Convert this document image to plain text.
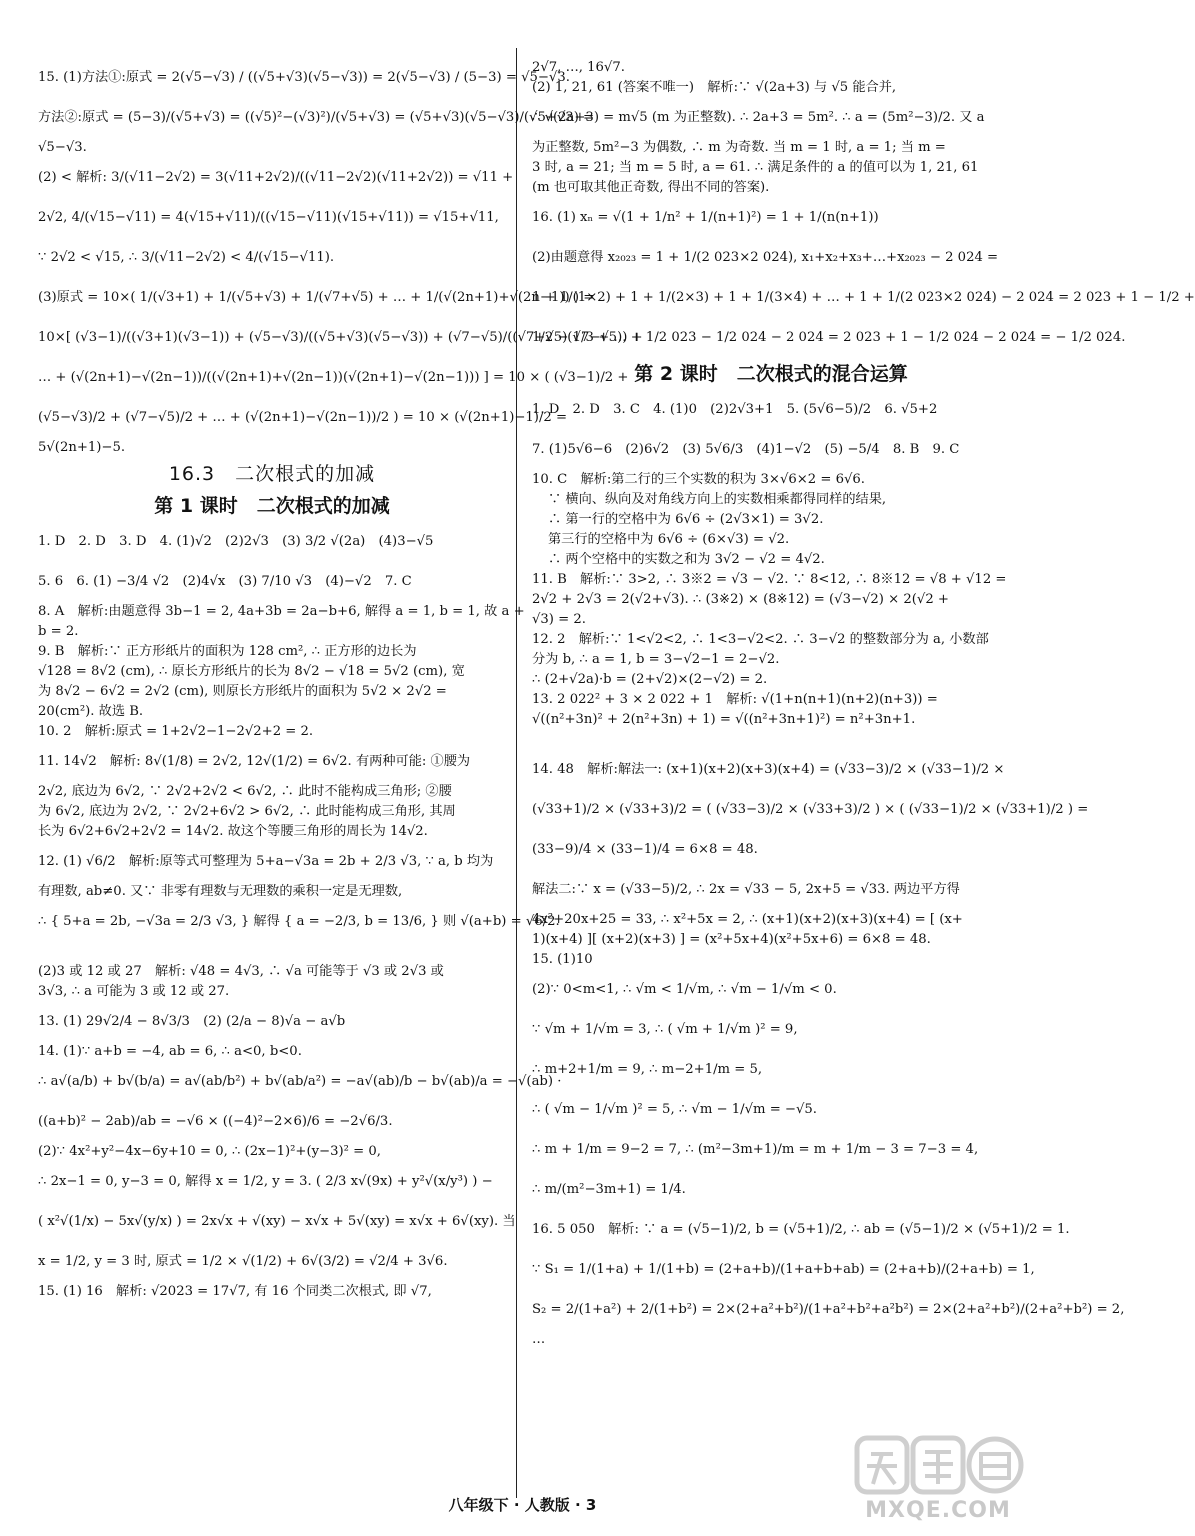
15. (1)方法①:原式 = 2(√5−√3) / ((√5+√3)(√5−√3)) = 2(√5−√3) / (5−3) = √5−√3.
方法②:原式 = (5−3)/(√5+√3) = ((√5)²−(√3)²)/(√5+√3) = (√5+√3)(√5−√3)/(√5+√3) =
√5−√3.
(2) < 解析: 3/(√11−2√2) = 3(√11+2√2)/((√11−2√2)(√11+2√2)) = √11 +
2√2, 4/(√15−√11) = 4(√15+√11)/((√15−√11)(√15+√11)) = √15+√11,
∵ 2√2 < √15, ∴ 3/(√11−2√2) < 4/(√15−√11).
(3)原式 = 10×( 1/(√3+1) + 1/(√5+√3) + 1/(√7+√5) + … + 1/(√(2n+1)+√(2n−1)) ) =
10×[ (√3−1)/((√3+1)(√3−1)) + (√5−√3)/((√5+√3)(√5−√3)) + (√7−√5)/((√7+√5)(√7−√5)) +
… + (√(2n+1)−√(2n−1))/((√(2n+1)+√(2n−1))(√(2n+1)−√(2n−1))) ] = 10 × ( (√3−1)/2 +
(√5−√3)/2 + (√7−√5)/2 + … + (√(2n+1)−√(2n−1))/2 ) = 10 × (√(2n+1)−1)/2 =
5√(2n+1)−5.
16.3　二次根式的加减
第 1 课时　二次根式的加减
1. D　2. D　3. D　4. (1)√2　(2)2√3　(3) 3/2 √(2a)　(4)3−√5
5. 6　6. (1) −3/4 √2　(2)4√x　(3) 7/10 √3　(4)−√2　7. C
8. A　解析:由题意得 3b−1 = 2, 4a+3b = 2a−b+6, 解得 a = 1, b = 1, 故 a +
b = 2.
9. B　解析:∵ 正方形纸片的面积为 128 cm², ∴ 正方形的边长为
√128 = 8√2 (cm), ∴ 原长方形纸片的长为 8√2 − √18 = 5√2 (cm), 宽
为 8√2 − 6√2 = 2√2 (cm), 则原长方形纸片的面积为 5√2 × 2√2 =
20(cm²). 故选 B.
10. 2　解析:原式 = 1+2√2−1−2√2+2 = 2.
11. 14√2　解析: 8√(1/8) = 2√2, 12√(1/2) = 6√2. 有两种可能: ①腰为
2√2, 底边为 6√2, ∵ 2√2+2√2 < 6√2, ∴ 此时不能构成三角形; ②腰
为 6√2, 底边为 2√2, ∵ 2√2+6√2 > 6√2, ∴ 此时能构成三角形, 其周
长为 6√2+6√2+2√2 = 14√2. 故这个等腰三角形的周长为 14√2.
12. (1) √6/2　解析:原等式可整理为 5+a−√3a = 2b + 2/3 √3, ∵ a, b 均为
有理数, ab≠0. 又∵ 非零有理数与无理数的乘积一定是无理数,
∴ { 5+a = 2b, −√3a = 2/3 √3, } 解得 { a = −2/3, b = 13/6, } 则 √(a+b) = √6/2.
(2)3 或 12 或 27　解析: √48 = 4√3, ∴ √a 可能等于 √3 或 2√3 或
3√3, ∴ a 可能为 3 或 12 或 27.
13. (1) 29√2/4 − 8√3/3　(2) (2/a − 8)√a − a√b
14. (1)∵ a+b = −4, ab = 6, ∴ a<0, b<0.
∴ a√(a/b) + b√(b/a) = a√(ab/b²) + b√(ab/a²) = −a√(ab)/b − b√(ab)/a = −√(ab) ·
((a+b)² − 2ab)/ab = −√6 × ((−4)²−2×6)/6 = −2√6/3.
(2)∵ 4x²+y²−4x−6y+10 = 0, ∴ (2x−1)²+(y−3)² = 0,
∴ 2x−1 = 0, y−3 = 0, 解得 x = 1/2, y = 3. ( 2/3 x√(9x) + y²√(x/y³) ) −
( x²√(1/x) − 5x√(y/x) ) = 2x√x + √(xy) − x√x + 5√(xy) = x√x + 6√(xy). 当
x = 1/2, y = 3 时, 原式 = 1/2 × √(1/2) + 6√(3/2) = √2/4 + 3√6.
15. (1) 16　解析: √2023 = 17√7, 有 16 个同类二次根式, 即 √7,
2√7, …, 16√7.
(2) 1, 21, 61 (答案不唯一)　解析:∵ √(2a+3) 与 √5 能合并,
∴ √(2a+3) = m√5 (m 为正整数). ∴ 2a+3 = 5m². ∴ a = (5m²−3)/2. 又 a
为正整数, 5m²−3 为偶数, ∴ m 为奇数. 当 m = 1 时, a = 1; 当 m =
3 时, a = 21; 当 m = 5 时, a = 61. ∴ 满足条件的 a 的值可以为 1, 21, 61
(m 也可取其他正奇数, 得出不同的答案).
16. (1) xₙ = √(1 + 1/n² + 1/(n+1)²) = 1 + 1/(n(n+1))
(2)由题意得 x₂₀₂₃ = 1 + 1/(2 023×2 024), x₁+x₂+x₃+…+x₂₀₂₃ − 2 024 =
1 + 1/(1×2) + 1 + 1/(2×3) + 1 + 1/(3×4) + … + 1 + 1/(2 023×2 024) − 2 024 = 2 023 + 1 − 1/2 +
1/2 − 1/3 + … + 1/2 023 − 1/2 024 − 2 024 = 2 023 + 1 − 1/2 024 − 2 024 = − 1/2 024.
第 2 课时　二次根式的混合运算
1. D　2. D　3. C　4. (1)0　(2)2√3+1　5. (5√6−5)/2　6. √5+2
7. (1)5√6−6　(2)6√2　(3) 5√6/3　(4)1−√2　(5) −5/4　8. B　9. C
10. C　解析:第二行的三个实数的积为 3×√6×2 = 6√6.
∵ 横向、纵向及对角线方向上的实数相乘都得同样的结果,
∴ 第一行的空格中为 6√6 ÷ (2√3×1) = 3√2.
第三行的空格中为 6√6 ÷ (6×√3) = √2.
∴ 两个空格中的实数之和为 3√2 − √2 = 4√2.
11. B　解析:∵ 3>2, ∴ 3※2 = √3 − √2. ∵ 8<12, ∴ 8※12 = √8 + √12 =
2√2 + 2√3 = 2(√2+√3). ∴ (3※2) × (8※12) = (√3−√2) × 2(√2 +
√3) = 2.
12. 2　解析:∵ 1<√2<2, ∴ 1<3−√2<2. ∴ 3−√2 的整数部分为 a, 小数部
分为 b, ∴ a = 1, b = 3−√2−1 = 2−√2.
∴ (2+√2a)·b = (2+√2)×(2−√2) = 2.
13. 2 022² + 3 × 2 022 + 1　解析: √(1+n(n+1)(n+2)(n+3)) =
√((n²+3n)² + 2(n²+3n) + 1) = √((n²+3n+1)²) = n²+3n+1.
14. 48　解析:解法一: (x+1)(x+2)(x+3)(x+4) = (√33−3)/2 × (√33−1)/2 ×
(√33+1)/2 × (√33+3)/2 = ( (√33−3)/2 × (√33+3)/2 ) × ( (√33−1)/2 × (√33+1)/2 ) =
(33−9)/4 × (33−1)/4 = 6×8 = 48.
解法二:∵ x = (√33−5)/2, ∴ 2x = √33 − 5, 2x+5 = √33. 两边平方得
4x²+20x+25 = 33, ∴ x²+5x = 2, ∴ (x+1)(x+2)(x+3)(x+4) = [ (x+
1)(x+4) ][ (x+2)(x+3) ] = (x²+5x+4)(x²+5x+6) = 6×8 = 48.
15. (1)10
(2)∵ 0<m<1, ∴ √m < 1/√m, ∴ √m − 1/√m < 0.
∵ √m + 1/√m = 3, ∴ ( √m + 1/√m )² = 9,
∴ m+2+1/m = 9, ∴ m−2+1/m = 5,
∴ ( √m − 1/√m )² = 5, ∴ √m − 1/√m = −√5.
∴ m + 1/m = 9−2 = 7, ∴ (m²−3m+1)/m = m + 1/m − 3 = 7−3 = 4,
∴ m/(m²−3m+1) = 1/4.
16. 5 050　解析: ∵ a = (√5−1)/2, b = (√5+1)/2, ∴ ab = (√5−1)/2 × (√5+1)/2 = 1.
∵ S₁ = 1/(1+a) + 1/(1+b) = (2+a+b)/(1+a+b+ab) = (2+a+b)/(2+a+b) = 1,
S₂ = 2/(1+a²) + 2/(1+b²) = 2×(2+a²+b²)/(1+a²+b²+a²b²) = 2×(2+a²+b²)/(2+a²+b²) = 2,
…
八年级下 · 人教版 · 3	MXQE.COM
